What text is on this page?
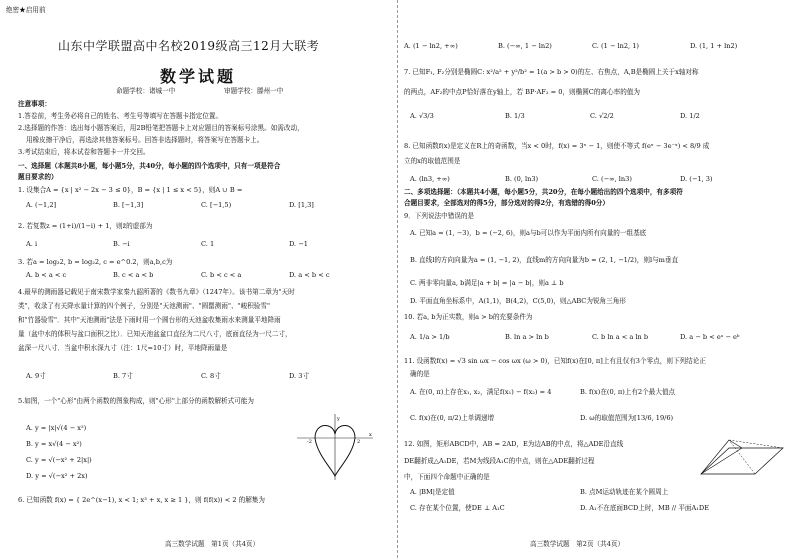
绝密★启用前
山东中学联盟高中名校2019级高三12月大联考
数学试题
命题学校：诸城一中	审题学校：滕州一中
注意事项：
1.答卷前，考生务必将自己的姓名、考生号等填写在答题卡指定位置。
2.选择题的作答：选出每小题答案后，用2B铅笔把答题卡上对应题目的答案标号涂黑。如需改动，
用橡皮擦干净后，再选涂其他答案标号。回答非选择题时，将答案写在答题卡上。
3.考试结束后，将本试卷和答题卡一并交回。
一、选择题（本题共8小题，每小题5分，共40分，每小题的四个选项中，只有一项是符合
题目要求的）
1. 设集合A = {x | x² − 2x − 3 ≤ 0}，B = {x | 1 ≤ x < 5}，则A ∪ B =
A. (−1,2]	B. [−1,3]	C. [−1,5)	D. [1,3]
2. 若复数z = (1+i)/(1−i) + 1，则z̄的虚部为
A. i	B. −i	C. 1	D. −1
3. 若a = log₃2, b = log₂2, c = e^0.2，则a,b,c为
A. b < a < c	B. c < a < b	C. b < c < a	D. a < b < c
4.最早的测雨器记载见于南宋数学家秦九韶所著的《数书九章》（1247年）。该书第二章为"天时
类"，收录了有关降水量计算的四个例子，分别是"天池测雨"、"圆罂测雨"、"峻积验雪"
和"竹器验雪"．其中"天池测雨"法是下雨时用一个圆台形的天池盆收集雨水来测量平地降雨
量（盆中水的体积与盆口面积之比）．已知天池盆盆口直径为二尺八寸，底面直径为一尺二寸，
盆深一尺八寸．当盆中积水深九寸（注：1尺=10寸）时，平地降雨量是
A. 9寸	B. 7寸	C. 8寸	D. 3寸
5.如图，一个"心形"由两个函数的图象构成，则"心形"上部分的函数解析式可能为
A. y = |x|√(4 − x²)
B. y = x√(4 − x²)
C. y = √(−x² + 2|x|)
D. y = √(−x² + 2x)
-2	2
y
x
6. 已知函数 f(x) = { 2e^(x−1), x < 1; x³ + x, x ≥ 1 }，则 f(f(x)) < 2 的解集为
高三数学试题　第1页（共4页）
A. (1 − ln2, +∞)	B. (−∞, 1 − ln2)	C. (1 − ln2, 1)	D. (1, 1 + ln2)
7. 已知F₁, F₂分别是椭圆C: x²/a² + y²/b² = 1(a > b > 0)的左、右焦点，A,B是椭圆上关于x轴对称
的两点，AF₂的中点P恰好落在y轴上，若 BP·AF₂ = 0，则椭圆C的离心率的值为
A. √3/3	B. 1/3	C. √2/2	D. 1/2
8. 已知函数f(x)是定义在R上的奇函数，当x < 0时，f(x) = 3ˣ − 1，则使不等式 f(eˣ − 3e⁻ˣ) < 8/9 成
立的x的取值范围是
A. (ln3, +∞)	B. (0, ln3)	C. (−∞, ln3)	D. (−1, 3)
二、多项选择题：（本题共4小题，每小题5分，共20分，在每小题给出的四个选项中，有多项符
合题目要求，全部选对的得5分，部分选对的得2分，有选错的得0分）
9．下列说法中错误的是
A. 已知a = (1, −3)，b = (−2, 6)，则a与b可以作为平面内所有向量的一组基底
B. 直线l的方向向量为a = (1, −1, 2)，直线m的方向向量为b = (2, 1, −1/2)，则l与m垂直
C. 两非零向量a, b满足|a + b| = |a − b|，则a ⊥ b
D. 平面直角坐标系中，A(1,1)，B(4,2)，C(5,0)，则△ABC为锐角三角形
10. 若a, b为正实数，则a > b的充要条件为
A. 1/a > 1/b	B. ln a > ln b	C. b ln a < a ln b	D. a − b < eᵃ − eᵇ
11. 设函数f(x) = √3 sin ωx − cos ωx (ω > 0)，已知f(x)在[0, π]上有且仅有3个零点，则下列结论正
确的是
A. 在(0, π)上存在x₁, x₂，满足f(x₁) − f(x₂) = 4	B. f(x)在(0, π)上有2个最大值点
C. f(x)在(0, π/2)上单调递增	D. ω的取值范围为[13/6, 19/6)
12. 如图，矩形ABCD中，AB = 2AD，E为边AB的中点，将△ADE沿直线
DE翻折成△A₁DE，若M为线段A₁C的中点，则在△ADE翻折过程
中，下面四个命题中正确的是
A. |BM|是定值	B. 点M运动轨迹在某个圆周上
C. 存在某个位置，使DE ⊥ A₁C	D. A₁不在底面BCD上时，MB // 平面A₁DE
高三数学试题　第2页（共4页）
